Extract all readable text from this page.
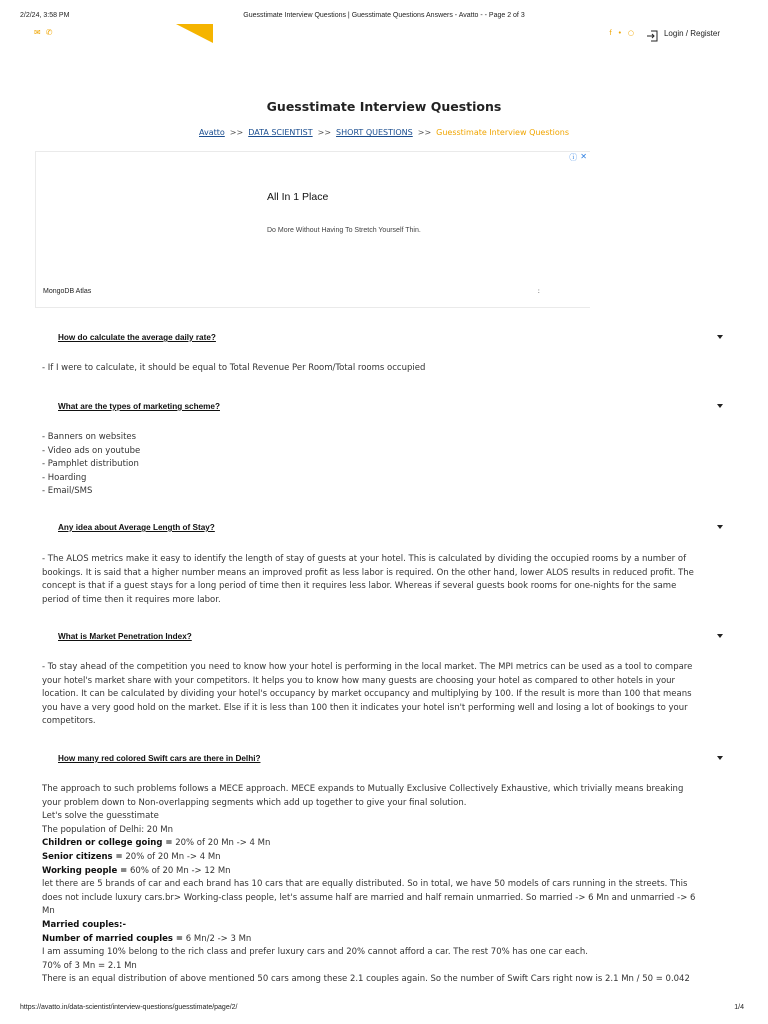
2/2/24, 3:58 PM	Guesstimate Interview Questions | Guesstimate Questions Answers - Avatto - - Page 2 of 3
✉ ✆	f • ○	Login / Register
Guesstimate Interview Questions
Avatto >> DATA SCIENTIST >> SHORT QUESTIONS >> Guesstimate Interview Questions
ⓘ ✕
All In 1 Place
Do More Without Having To Stretch Yourself Thin.
MongoDB Atlas	:
How do calculate the average daily rate?
- If I were to calculate, it should be equal to Total Revenue Per Room/Total rooms occupied
What are the types of marketing scheme?
- Banners on websites
- Video ads on youtube
- Pamphlet distribution
- Hoarding
- Email/SMS
Any idea about Average Length of Stay?
- The ALOS metrics make it easy to identify the length of stay of guests at your hotel. This is calculated by dividing the occupied rooms by a number of
bookings. It is said that a higher number means an improved profit as less labor is required. On the other hand, lower ALOS results in reduced profit. The
concept is that if a guest stays for a long period of time then it requires less labor. Whereas if several guests book rooms for one-nights for the same
period of time then it requires more labor.
What is Market Penetration Index?
- To stay ahead of the competition you need to know how your hotel is performing in the local market. The MPI metrics can be used as a tool to compare
your hotel's market share with your competitors. It helps you to know how many guests are choosing your hotel as compared to other hotels in your
location. It can be calculated by dividing your hotel's occupancy by market occupancy and multiplying by 100. If the result is more than 100 that means
you have a very good hold on the market. Else if it is less than 100 then it indicates your hotel isn't performing well and losing a lot of bookings to your
competitors.
How many red colored Swift cars are there in Delhi?
The approach to such problems follows a MECE approach. MECE expands to Mutually Exclusive Collectively Exhaustive, which trivially means breaking
your problem down to Non-overlapping segments which add up together to give your final solution.
Let's solve the guesstimate
The population of Delhi: 20 Mn
Children or college going = 20% of 20 Mn -> 4 Mn
Senior citizens = 20% of 20 Mn -> 4 Mn
Working people = 60% of 20 Mn -> 12 Mn
let there are 5 brands of car and each brand has 10 cars that are equally distributed. So in total, we have 50 models of cars running in the streets. This
does not include luxury cars.br> Working-class people, let's assume half are married and half remain unmarried. So married -> 6 Mn and unmarried -> 6
Mn
Married couples:-
Number of married couples = 6 Mn/2 -> 3 Mn
I am assuming 10% belong to the rich class and prefer luxury cars and 20% cannot afford a car. The rest 70% has one car each.
70% of 3 Mn = 2.1 Mn
There is an equal distribution of above mentioned 50 cars among these 2.1 couples again. So the number of Swift Cars right now is 2.1 Mn / 50 = 0.042
https://avatto.in/data-scientist/interview-questions/guesstimate/page/2/	1/4
